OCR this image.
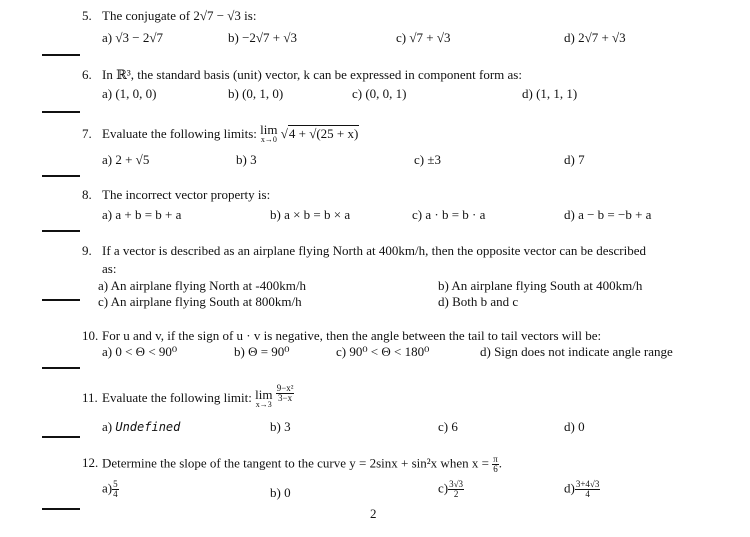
5. The conjugate of 2√7 − √3 is:
a) √3 − 2√7	b) −2√7 + √3	c) √7 + √3	d) 2√7 + √3
6. In ℝ³, the standard basis (unit) vector, k can be expressed in component form as:
a) (1, 0, 0)	b) (0, 1, 0)	c) (0, 0, 1)	d) (1, 1, 1)
7. Evaluate the following limits: lim
x→0 √4 + √(25 + x)
a) 2 + √5	b) 3	c) ±3	d) 7
8. The incorrect vector property is:
a) a + b = b + a	b) a × b = b × a	c) a · b = b · a	d) a − b = −b + a
9. If a vector is described as an airplane flying North at 400km/h, then the opposite vector can be described
as:
a) An airplane flying North at -400km/h	b) An airplane flying South at 400km/h
c) An airplane flying South at 800km/h	d) Both b and c
10. For u and v, if the sign of u · v is negative, then the angle between the tail to tail vectors will be:
a) 0 < Θ < 90⁰	b) Θ = 90⁰	c) 90⁰ < Θ < 180⁰	d) Sign does not indicate angle range
11. Evaluate the following limit: lim
x→3

$\frac{\text{9−x²}}{3-x}$
a) Undefined	b) 3	c) 6	d) 0
12. Determine the slope of the tangent to the curve y = 2sinx + sin²x when $x = \frac{\pi}{6}$ .
$a) \frac{5}{4}$	b) 0	$c) \frac{3√3}{2}$	$d) \frac{3+4√3}{4}$
2
